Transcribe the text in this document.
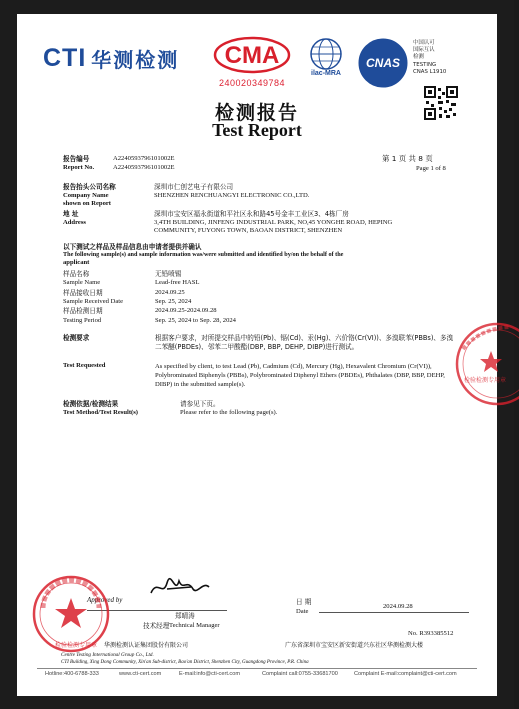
CTI 华测检测 CMA
240020349784
ilac-MRA
CNAS
中国认可
国际互认
检测
TESTING
CNAS L1910
检测报告
Test Report
报告编号	A2240593796101002E
Report No.	A2240593796101002E
第 1 页 共 8 页
Page 1 of 8
报告抬头公司名称	深圳市仁创艺电子有限公司
Company Name	SHENZHEN RENCHUANGYI ELECTRONIC CO.,LTD.
shown on Report
地 址	深圳市宝安区福永街道和平社区永和路45号金丰工业区3、4栋厂房
Address	3,4TH BUILDING, JINFENG INDUSTRIAL PARK, NO,45 YONGHE ROAD, HEPING
COMMUNITY, FUYONG TOWN, BAOAN DISTRICT, SHENZHEN
以下测试之样品及样品信息由申请者提供并确认
The following sample(s) and sample information was/were submitted and identified by/on the behalf of the
applicant
样品名称	无铅喷锡
Sample Name	Lead-free HASL
样品接收日期	2024.09.25
Sample Received Date	Sep. 25, 2024
样品检测日期	2024.09.25-2024.09.28
Testing Period	Sep. 25, 2024 to Sep. 28, 2024
检测要求	根据客户要求，对所提交样品中的铅(Pb)、镉(Cd)、汞(Hg)、六价铬(Cr(VI))、多溴联苯(PBBs)、多溴二苯醚(PBDEs)、邻苯二甲酸酯(DBP, BBP, DEHP, DIBP)进行测试。
Test Requested	As specified by client, to test Lead (Pb), Cadmium (Cd), Mercury (Hg), Hexavalent Chromium (Cr(VI)), Polybrominated Biphenyls (PBBs), Polybrominated Diphenyl Ethers (PBDEs), Phthalates (DBP, BBP, DEHP, DIBP) in the submitted sample(s).
检测依据/检测结果	请参见下页。
Test Method/Test Result(s)	Please refer to the following page(s).
检验检测专用章
Approved by
郑晴涛
技术经理 Technical Manager
日 期
Date
2024.09.28
No. R393385512
检验检测专用章 华测检测认证集团股份有限公司	广东省深圳市宝安区新安街道兴东社区华测检测大楼
Centre Testing International Group Co., Ltd.
CTI Building, Xing Dong Community, Xin'an Sub-district, Bao'an District, Shenzhen City, Guangdong Province, P.R. China
Hotline:400-6788-333	www.cti-cert.com	E-mail:info@cti-cert.com	Complaint call:0755-33681700	Complaint E-mail:complaint@cti-cert.com
